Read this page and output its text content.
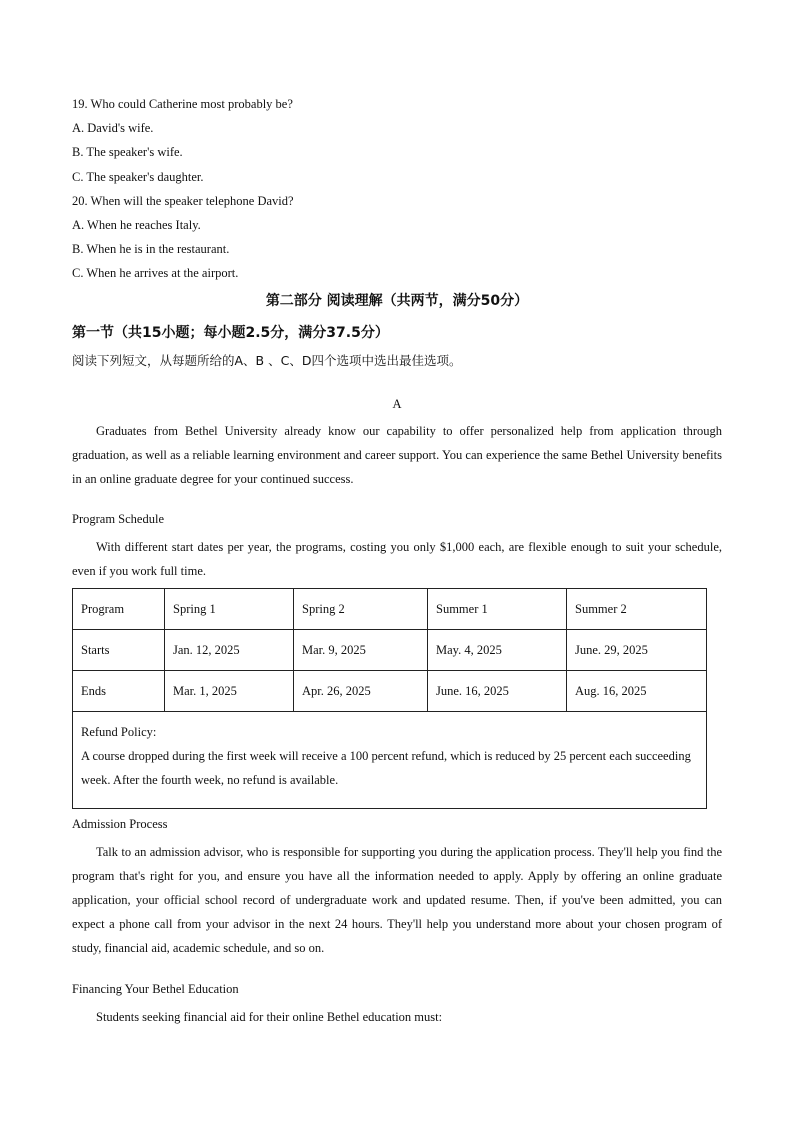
19. Who could Catherine most probably be?
A. David's wife.
B. The speaker's wife.
C. The speaker's daughter.
20. When will the speaker telephone David?
A. When he reaches Italy.
B. When he is in the restaurant.
C. When he arrives at the airport.
第二部分 阅读理解（共两节，满分50分）
第一节（共15小题；每小题2.5分，满分37.5分）
阅读下列短文，从每题所给的A、B 、C、D四个选项中选出最佳选项。
A

Graduates from Bethel University already know our capability to offer personalized help from application through graduation, as well as a reliable learning environment and career support. You can experience the same Bethel University benefits in an online graduate degree for your continued success.

Program Schedule

With different start dates per year, the programs, costing you only $1,000 each, are flexible enough to suit your schedule, even if you work full time.

Program	Spring 1	Spring 2	Summer 1	Summer 2
Starts	Jan. 12, 2025	Mar. 9, 2025	May. 4, 2025	June. 29, 2025
Ends	Mar. 1, 2025	Apr. 26, 2025	June. 16, 2025	Aug. 16, 2025

Refund Policy:
A course dropped during the first week will receive a 100 percent refund, which is reduced by 25 percent each succeeding week. After the fourth week, no refund is available.				
Admission Process

Talk to an admission advisor, who is responsible for supporting you during the application process. They'll help you find the program that's right for you, and ensure you have all the information needed to apply. Apply by offering an online graduate application, your official school record of undergraduate work and updated resume. Then, if you've been admitted, you can expect a phone call from your advisor in the next 24 hours. They'll help you understand more about your chosen program of study, financial aid, academic schedule, and so on.

Financing Your Bethel Education

Students seeking financial aid for their online Bethel education must:
